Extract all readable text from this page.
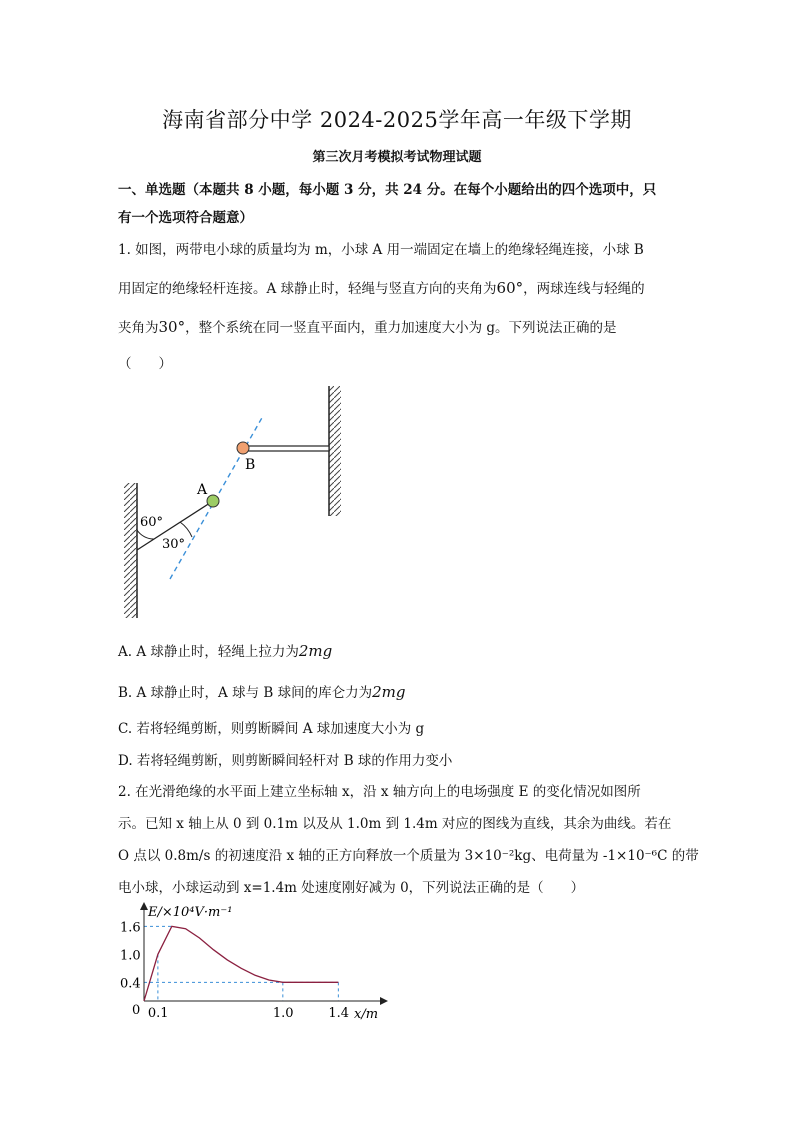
海南省部分中学 2024-2025学年高一年级下学期
第三次月考模拟考试物理试题
一、单选题（本题共 8 小题，每小题 3 分，共 24 分。在每个小题给出的四个选项中，只
有一个选项符合题意）
1. 如图，两带电小球的质量均为 m，小球 A 用一端固定在墙上的绝缘轻绳连接，小球 B
用固定的绝缘轻杆连接。A 球静止时，轻绳与竖直方向的夹角为60°，两球连线与轻绳的
夹角为30°，整个系统在同一竖直平面内，重力加速度大小为 g。下列说法正确的是
（　　）
A
B
60°
30°
A. A 球静止时，轻绳上拉力为2mg
B. A 球静止时，A 球与 B 球间的库仑力为2mg
C. 若将轻绳剪断，则剪断瞬间 A 球加速度大小为 g
D. 若将轻绳剪断，则剪断瞬间轻杆对 B 球的作用力变小
2. 在光滑绝缘的水平面上建立坐标轴 x，沿 x 轴方向上的电场强度 E 的变化情况如图所
示。已知 x 轴上从 0 到 0.1m 以及从 1.0m 到 1.4m 对应的图线为直线，其余为曲线。若在
O 点以 0.8m/s 的初速度沿 x 轴的正方向释放一个质量为 3×10⁻²kg、电荷量为 -1×10⁻⁶C 的带
电小球，小球运动到 x=1.4m 处速度刚好减为 0，下列说法正确的是（　　）
E/×10⁴V·m⁻¹
x/m
0 0.1	1.0	1.4
0.4
1.0
1.6
